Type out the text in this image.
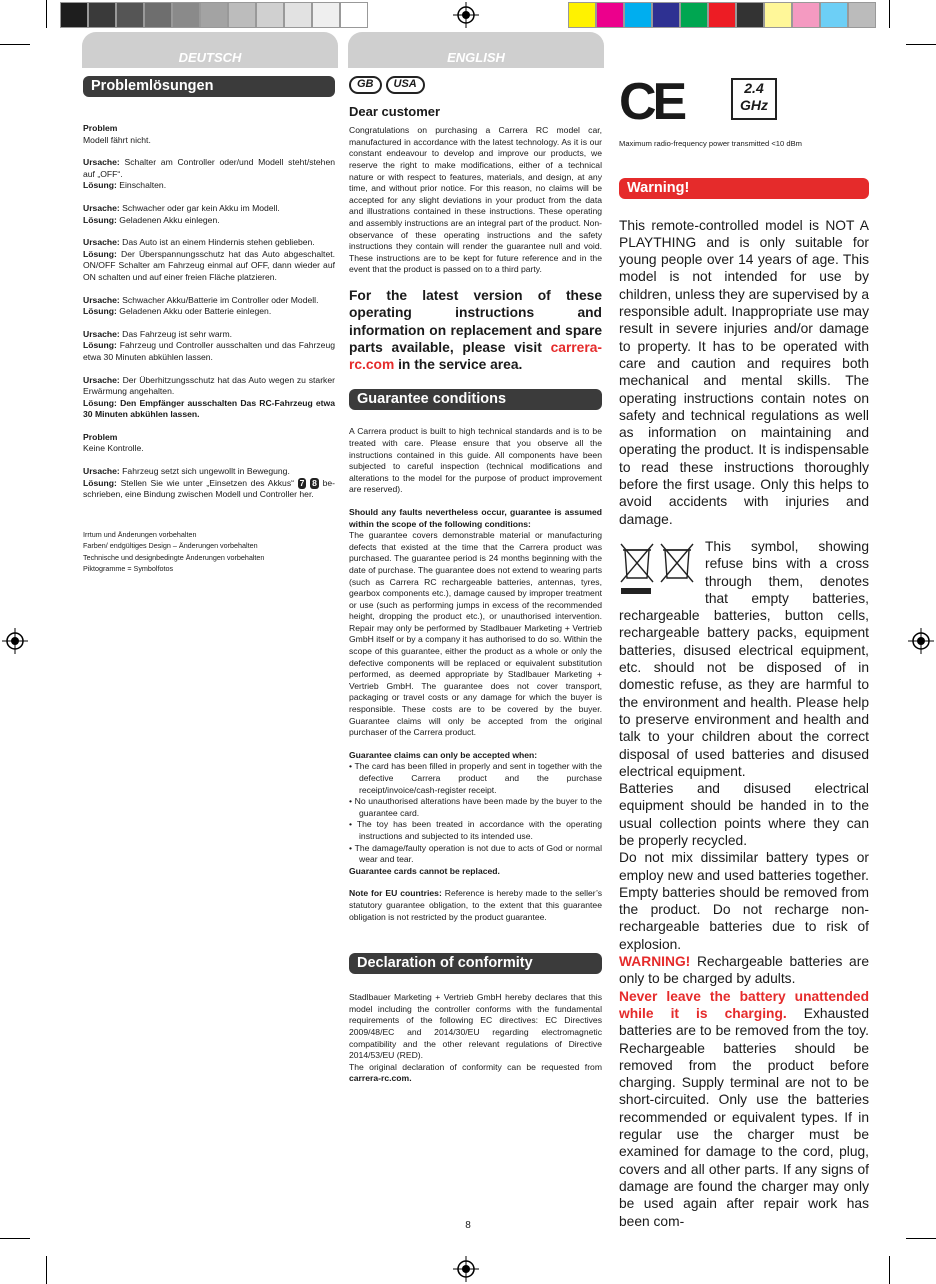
DEUTSCH	ENGLISH
Problemlösungen

Problem
Modell fährt nicht.

Ursache: Schalter am Controller oder/und Modell steht/stehen auf „OFF“.
Lösung: Einschalten.

Ursache: Schwacher oder gar kein Akku im Modell.
Lösung: Geladenen Akku einlegen.

Ursache: Das Auto ist an einem Hindernis stehen geblieben.
Lösung: Der Überspannungsschutz hat das Auto abgeschaltet. ON/OFF Schalter am Fahrzeug einmal auf OFF, dann wieder auf ON schalten und auf einer freien Fläche platzieren.

Ursache: Schwacher Akku/Batterie im Controller oder Modell.
Lösung: Geladenen Akku oder Batterie einlegen.

Ursache: Das Fahrzeug ist sehr warm.
Lösung: Fahrzeug und Controller ausschalten und das Fahrzeug etwa 30 Minuten abkühlen lassen.

Ursache: Der Überhitzungsschutz hat das Auto wegen zu starker Erwärmung angehalten.
Lösung: Den Empfänger ausschalten Das RC-Fahrzeug etwa 30 Minuten abkühlen lassen.

Problem
Keine Kontrolle.

Ursache: Fahrzeug setzt sich ungewollt in Bewegung.
Lösung: Stellen Sie wie unter „Einsetzen des Akkus“ 7 8 be-schrieben, eine Bindung zwischen Modell und Controller her.

Irrtum und Änderungen vorbehalten
Farben/ endgültiges Design – Änderungen vorbehalten
Technische und designbedingte Änderungen vorbehalten
Piktogramme = Symbolfotos
GB USA
Dear customer

Congratulations on purchasing a Carrera RC model car, manufactured in accordance with the latest technology. As it is our constant endeavour to develop and improve our products, we reserve the right to make modifications, either of a technical nature or with respect to features, materials, and design, at any time, and without prior notice. For this reason, no claims will be accepted for any slight deviations in your product from the data and illustrations contained in these instructions. These operating and assembly instructions are an integral part of the product. Non-observance of these operating instructions and the safety instructions they contain will render the guarantee null and void. These instructions are to be kept for future reference and in the event that the product is passed on to a third party.

For the latest version of these operating instructions and information on replacement and spare parts available, please visit carrera-rc.com in the service area.

Guarantee conditions

A Carrera product is built to high technical standards and is to be treated with care. Please ensure that you observe all the instructions contained in this guide. All components have been subjected to careful inspection (technical modifications and alterations to the model for the purpose of product improvement are reserved).

Should any faults nevertheless occur, guarantee is assumed within the scope of the following conditions:
The guarantee covers demonstrable material or manufacturing defects that existed at the time that the Carrera product was purchased. The guarantee period is 24 months beginning with the date of purchase. The guarantee does not extend to wearing parts (such as Carrera RC rechargeable batteries, antennas, tyres, gearbox components etc.), damage caused by improper treatment or use (such as performing jumps in excess of the recommended height, dropping the product etc.), or unauthorised intervention. Repair may only be performed by Stadlbauer Marketing + Vertrieb GmbH itself or by a company it has authorised to do so. Within the scope of this guarantee, either the product as a whole or only the defective components will be replaced or equivalent substitution performed, as deemed appropriate by Stadlbauer Marketing + Vertrieb GmbH. The guarantee does not cover transport, packaging or travel costs or any damage for which the buyer is responsible. These costs are to be covered by the buyer. Guarantee claims will only be accepted from the original purchaser of the Carrera product.

Guarantee claims can only be accepted when:
• The card has been filled in properly and sent in together with the defective Carrera product and the purchase receipt/invoice/cash-register receipt.
• No unauthorised alterations have been made by the buyer to the guarantee card.
• The toy has been treated in accordance with the operating instructions and subjected to its intended use.
• The damage/faulty operation is not due to acts of God or normal wear and tear.
Guarantee cards cannot be replaced.

Note for EU countries: Reference is hereby made to the seller’s statutory guarantee obligation, to the extent that this guarantee obligation is not restricted by the product guarantee.

Declaration of conformity
Stadlbauer Marketing + Vertrieb GmbH hereby declares that this model including the controller conforms with the fundamental requirements of the following EC directives: EC Directives 2009/48/EC and 2014/30/EU regarding electromagnetic compatibility and the other relevant regulations of Directive 2014/53/EU (RED).
The original declaration of conformity can be requested from carrera-rc.com.
CE	2.4
GHz
Maximum radio-frequency power transmitted <10 dBm
Warning!
This remote-controlled model is NOT A PLAYTHING and is only suitable for young people over 14 years of age. This model is not intended for use by children, unless they are supervised by a responsible adult. Inappropriate use may result in severe injuries and/or damage to property. It has to be operated with care and caution and requires both mechanical and mental skills. The operating instructions contain notes on safety and technical regulations as well as information on maintaining and operating the product. It is indispensable to read these instructions thoroughly before the first usage. Only this helps to avoid accidents with injuries and damage.
This symbol, showing refuse bins with a cross through them, denotes that empty batteries, rechargeable batteries, button cells, rechargeable battery packs, equipment batteries, disused electrical equipment, etc. should not be disposed of in domestic refuse, as they are harmful to the environment and health. Please help to preserve environment and health and talk to your children about the correct disposal of used batteries and disused electrical equipment.
Batteries and disused electrical equipment should be handed in to the usual collection points where they can be properly recycled.
Do not mix dissimilar battery types or employ new and used batteries together. Empty batteries should be removed from the product. Do not recharge non-rechargeable batteries due to risk of explosion.
WARNING! Rechargeable batteries are only to be charged by adults.
Never leave the battery unattended while it is charging. Exhausted batteries are to be removed from the toy. Rechargeable batteries should be removed from the product before charging. Supply terminal are not to be short-circuited. Only use the batteries recommended or equivalent types. If in regular use the charger must be examined for damage to the cord, plug, covers and all other parts. If any signs of damage are found the charger may only be used again after repair work has been com-
8
